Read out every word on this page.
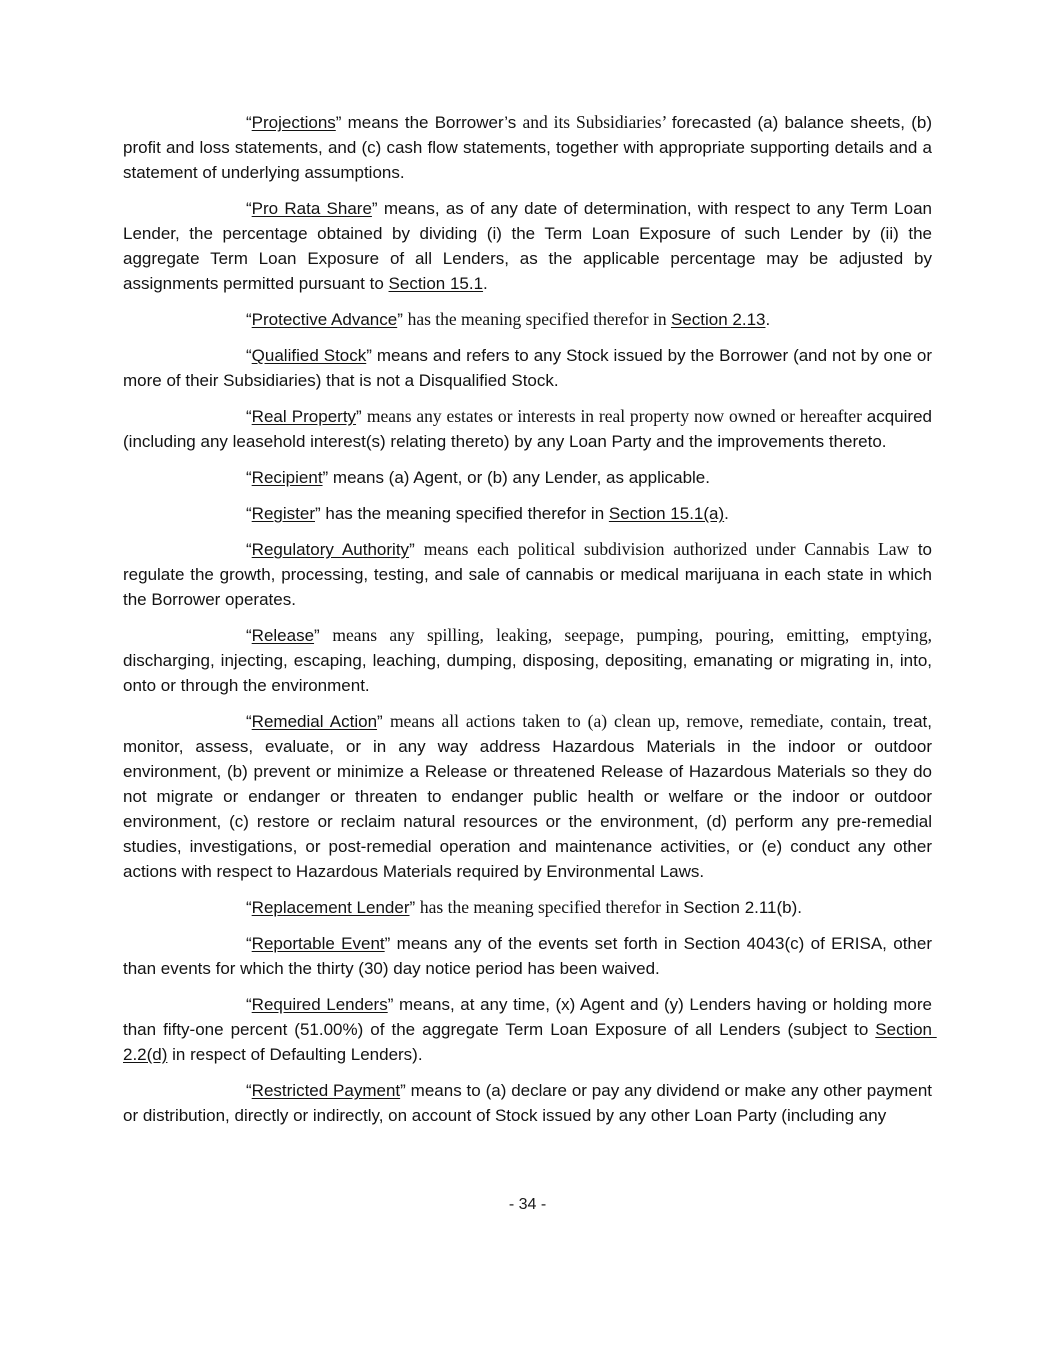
“Projections” means the Borrower’s and its Subsidiaries’ forecasted (a) balance sheets, (b) profit and loss statements, and (c) cash flow statements, together with appropriate supporting details and a statement of underlying assumptions.

“Pro Rata Share” means, as of any date of determination, with respect to any Term Loan Lender, the percentage obtained by dividing (i) the Term Loan Exposure of such Lender by (ii) the aggregate Term Loan Exposure of all Lenders, as the applicable percentage may be adjusted by assignments permitted pursuant to Section 15.1.

“Protective Advance” has the meaning specified therefor in Section 2.13.

“Qualified Stock” means and refers to any Stock issued by the Borrower (and not by one or more of their Subsidiaries) that is not a Disqualified Stock.

“Real Property” means any estates or interests in real property now owned or hereafter acquired (including any leasehold interest(s) relating thereto) by any Loan Party and the improvements thereto.

“Recipient” means (a) Agent, or (b) any Lender, as applicable.

“Register” has the meaning specified therefor in Section 15.1(a).

“Regulatory Authority” means each political subdivision authorized under Cannabis Law to regulate the growth, processing, testing, and sale of cannabis or medical marijuana in each state in which the Borrower operates.

“Release” means any spilling, leaking, seepage, pumping, pouring, emitting, emptying, discharging, injecting, escaping, leaching, dumping, disposing, depositing, emanating or migrating in, into, onto or through the environment.

“Remedial Action” means all actions taken to (a) clean up, remove, remediate, contain, treat, monitor, assess, evaluate, or in any way address Hazardous Materials in the indoor or outdoor environment, (b) prevent or minimize a Release or threatened Release of Hazardous Materials so they do not migrate or endanger or threaten to endanger public health or welfare or the indoor or outdoor environment, (c) restore or reclaim natural resources or the environment, (d) perform any pre-remedial studies, investigations, or post-remedial operation and maintenance activities, or (e) conduct any other actions with respect to Hazardous Materials required by Environmental Laws.

“Replacement Lender” has the meaning specified therefor in Section 2.11(b).

“Reportable Event” means any of the events set forth in Section 4043(c) of ERISA, other than events for which the thirty (30) day notice period has been waived.

“Required Lenders” means, at any time, (x) Agent and (y) Lenders having or holding more than fifty-one percent (51.00%) of the aggregate Term Loan Exposure of all Lenders (subject to Section 2.2(d) in respect of Defaulting Lenders).

“Restricted Payment” means to (a) declare or pay any dividend or make any other payment or distribution, directly or indirectly, on account of Stock issued by any other Loan Party (including any

- 34 -
